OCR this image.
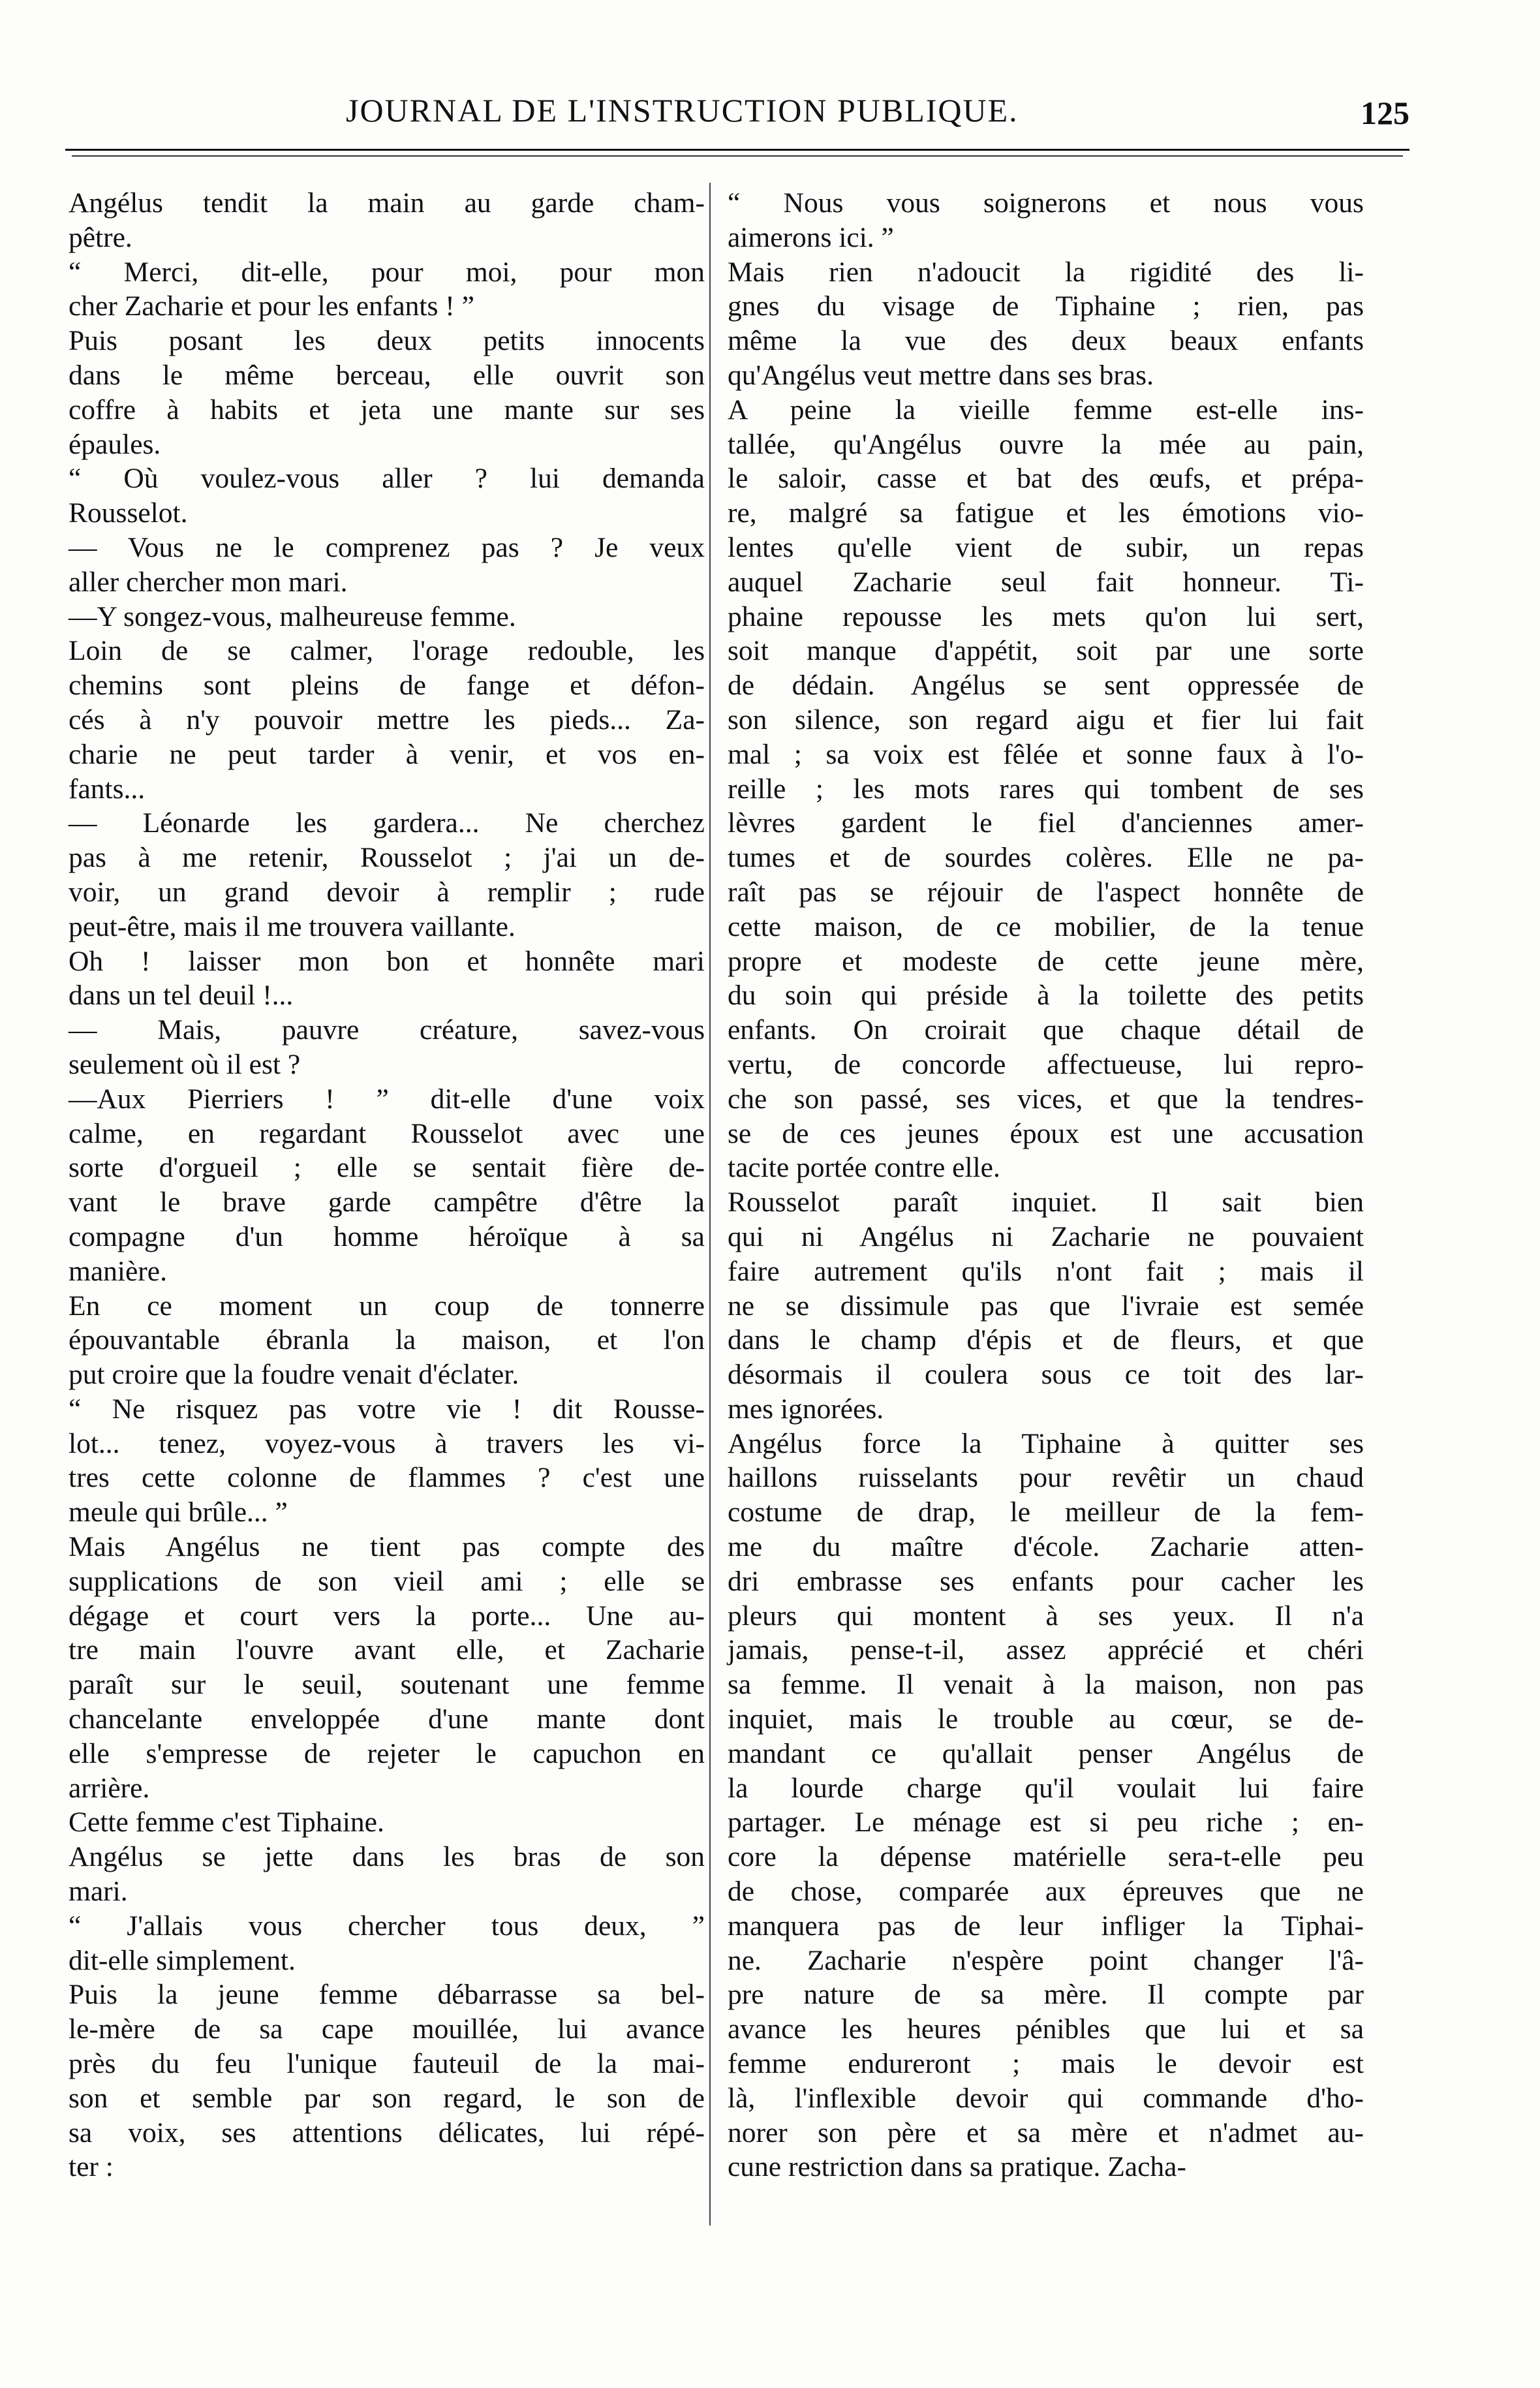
JOURNAL DE L'INSTRUCTION PUBLIQUE.	125
Angélus tendit la main au garde cham-
pêtre.
“ Merci, dit-elle, pour moi, pour mon
cher Zacharie et pour les enfants ! ”
Puis posant les deux petits innocents
dans le même berceau, elle ouvrit son
coffre à habits et jeta une mante sur ses
épaules.
“ Où voulez-vous aller ? lui demanda
Rousselot.
— Vous ne le comprenez pas ? Je veux
aller chercher mon mari.
—Y songez-vous, malheureuse femme.
Loin de se calmer, l'orage redouble, les
chemins sont pleins de fange et défon-
cés à n'y pouvoir mettre les pieds... Za-
charie ne peut tarder à venir, et vos en-
fants...
— Léonarde les gardera... Ne cherchez
pas à me retenir, Rousselot ; j'ai un de-
voir, un grand devoir à remplir ; rude
peut-être, mais il me trouvera vaillante.
Oh ! laisser mon bon et honnête mari
dans un tel deuil !...
— Mais, pauvre créature, savez-vous
seulement où il est ?
—Aux Pierriers ! ” dit-elle d'une voix
calme, en regardant Rousselot avec une
sorte d'orgueil ; elle se sentait fière de-
vant le brave garde campêtre d'être la
compagne d'un homme héroïque à sa
manière.
En ce moment un coup de tonnerre
épouvantable ébranla la maison, et l'on
put croire que la foudre venait d'éclater.
“ Ne risquez pas votre vie ! dit Rousse-
lot... tenez, voyez-vous à travers les vi-
tres cette colonne de flammes ? c'est une
meule qui brûle... ”
Mais Angélus ne tient pas compte des
supplications de son vieil ami ; elle se
dégage et court vers la porte... Une au-
tre main l'ouvre avant elle, et Zacharie
paraît sur le seuil, soutenant une femme
chancelante enveloppée d'une mante dont
elle s'empresse de rejeter le capuchon en
arrière.
Cette femme c'est Tiphaine.
Angélus se jette dans les bras de son
mari.
“ J'allais vous chercher tous deux, ”
dit-elle simplement.
Puis la jeune femme débarrasse sa bel-
le-mère de sa cape mouillée, lui avance
près du feu l'unique fauteuil de la mai-
son et semble par son regard, le son de
sa voix, ses attentions délicates, lui répé-
ter :
“ Nous vous soignerons et nous vous
aimerons ici. ”
Mais rien n'adoucit la rigidité des li-
gnes du visage de Tiphaine ; rien, pas
même la vue des deux beaux enfants
qu'Angélus veut mettre dans ses bras.
A peine la vieille femme est-elle ins-
tallée, qu'Angélus ouvre la mée au pain,
le saloir, casse et bat des œufs, et prépa-
re, malgré sa fatigue et les émotions vio-
lentes qu'elle vient de subir, un repas
auquel Zacharie seul fait honneur. Ti-
phaine repousse les mets qu'on lui sert,
soit manque d'appétit, soit par une sorte
de dédain. Angélus se sent oppressée de
son silence, son regard aigu et fier lui fait
mal ; sa voix est fêlée et sonne faux à l'o-
reille ; les mots rares qui tombent de ses
lèvres gardent le fiel d'anciennes amer-
tumes et de sourdes colères. Elle ne pa-
raît pas se réjouir de l'aspect honnête de
cette maison, de ce mobilier, de la tenue
propre et modeste de cette jeune mère,
du soin qui préside à la toilette des petits
enfants. On croirait que chaque détail de
vertu, de concorde affectueuse, lui repro-
che son passé, ses vices, et que la tendres-
se de ces jeunes époux est une accusation
tacite portée contre elle.
Rousselot paraît inquiet. Il sait bien
qui ni Angélus ni Zacharie ne pouvaient
faire autrement qu'ils n'ont fait ; mais il
ne se dissimule pas que l'ivraie est semée
dans le champ d'épis et de fleurs, et que
désormais il coulera sous ce toit des lar-
mes ignorées.
Angélus force la Tiphaine à quitter ses
haillons ruisselants pour revêtir un chaud
costume de drap, le meilleur de la fem-
me du maître d'école. Zacharie atten-
dri embrasse ses enfants pour cacher les
pleurs qui montent à ses yeux. Il n'a
jamais, pense-t-il, assez apprécié et chéri
sa femme. Il venait à la maison, non pas
inquiet, mais le trouble au cœur, se de-
mandant ce qu'allait penser Angélus de
la lourde charge qu'il voulait lui faire
partager. Le ménage est si peu riche ; en-
core la dépense matérielle sera-t-elle peu
de chose, comparée aux épreuves que ne
manquera pas de leur infliger la Tiphai-
ne. Zacharie n'espère point changer l'â-
pre nature de sa mère. Il compte par
avance les heures pénibles que lui et sa
femme endureront ; mais le devoir est
là, l'inflexible devoir qui commande d'ho-
norer son père et sa mère et n'admet au-
cune restriction dans sa pratique. Zacha-
